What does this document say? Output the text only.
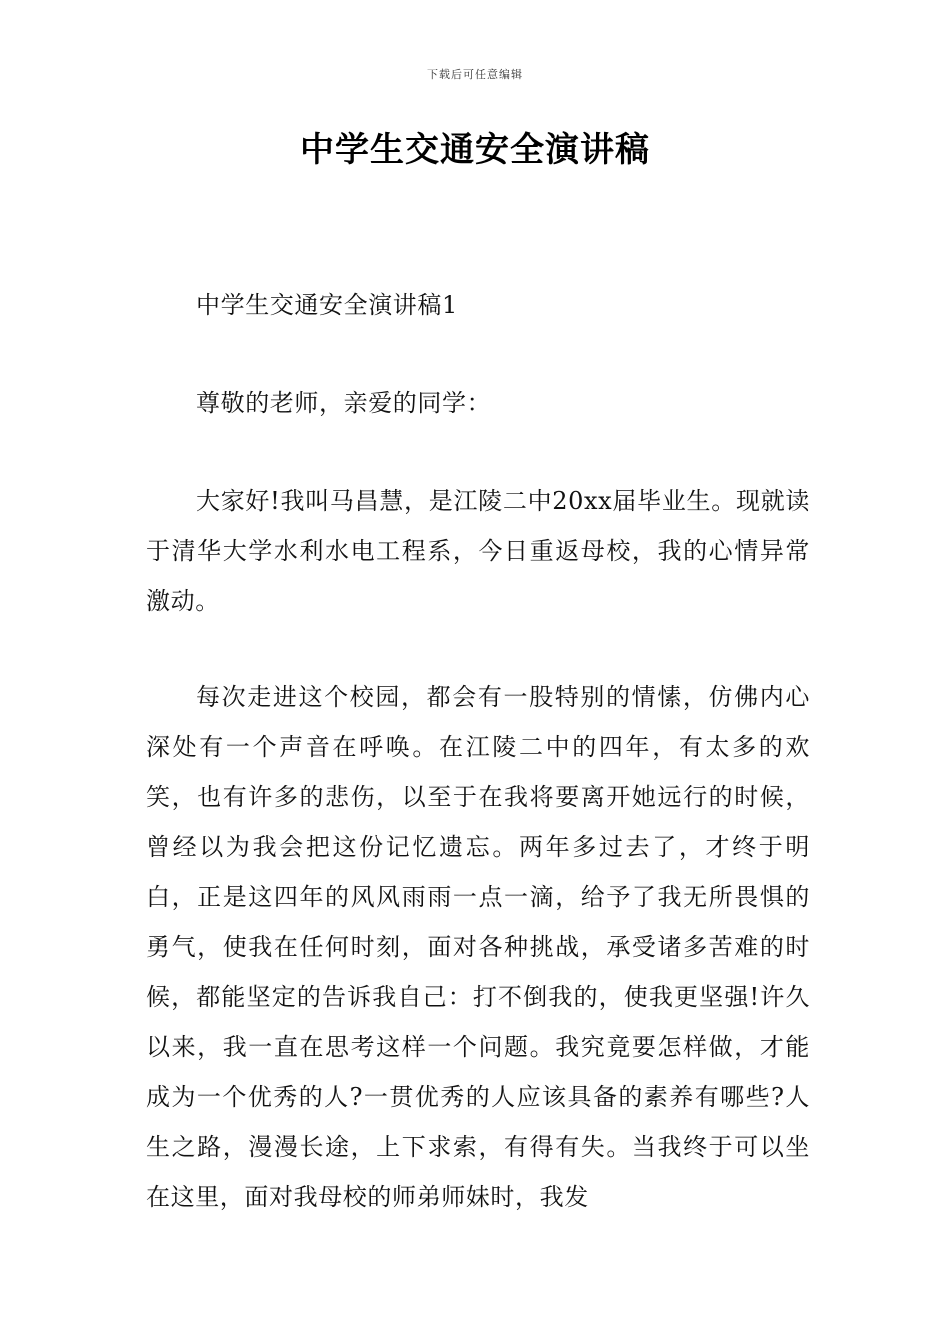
下载后可任意编辑
中学生交通安全演讲稿

中学生交通安全演讲稿1

尊敬的老师，亲爱的同学：

大家好!我叫马昌慧，是江陵二中20xx届毕业生。现就读于清华大学水利水电工程系，今日重返母校，我的心情异常激动。

每次走进这个校园，都会有一股特别的情愫，仿佛内心深处有一个声音在呼唤。在江陵二中的四年，有太多的欢笑，也有许多的悲伤，以至于在我将要离开她远行的时候，曾经以为我会把这份记忆遗忘。两年多过去了，才终于明白，正是这四年的风风雨雨一点一滴，给予了我无所畏惧的勇气，使我在任何时刻，面对各种挑战，承受诸多苦难的时候，都能坚定的告诉我自己：打不倒我的，使我更坚强!许久以来，我一直在思考这样一个问题。我究竟要怎样做，才能成为一个优秀的人?一贯优秀的人应该具备的素养有哪些?人生之路，漫漫长途，上下求索，有得有失。当我终于可以坐在这里，面对我母校的师弟师妹时，我发
